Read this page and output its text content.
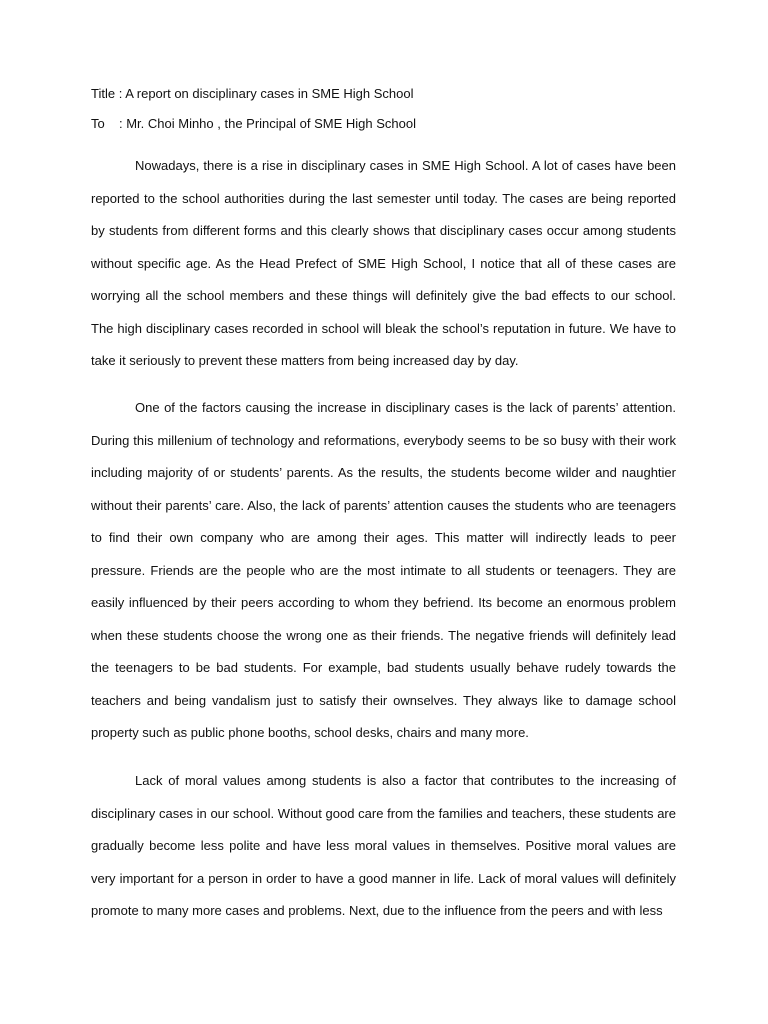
Title : A report on disciplinary cases in SME High School

To : Mr. Choi Minho , the Principal of SME High School

Nowadays, there is a rise in disciplinary cases in SME High School. A lot of cases have been reported to the school authorities during the last semester until today. The cases are being reported by students from different forms and this clearly shows that disciplinary cases occur among students without specific age. As the Head Prefect of SME High School, I notice that all of these cases are worrying all the school members and these things will definitely give the bad effects to our school. The high disciplinary cases recorded in school will bleak the school’s reputation in future. We have to take it seriously to prevent these matters from being increased day by day.

One of the factors causing the increase in disciplinary cases is the lack of parents’ attention. During this millenium of technology and reformations, everybody seems to be so busy with their work including majority of or students’ parents. As the results, the students become wilder and naughtier without their parents’ care. Also, the lack of parents’ attention causes the students who are teenagers to find their own company who are among their ages. This matter will indirectly leads to peer pressure. Friends are the people who are the most intimate to all students or teenagers. They are easily influenced by their peers according to whom they befriend. Its become an enormous problem when these students choose the wrong one as their friends. The negative friends will definitely lead the teenagers to be bad students. For example, bad students usually behave rudely towards the teachers and being vandalism just to satisfy their ownselves. They always like to damage school property such as public phone booths, school desks, chairs and many more.

Lack of moral values among students is also a factor that contributes to the increasing of disciplinary cases in our school. Without good care from the families and teachers, these students are gradually become less polite and have less moral values in themselves. Positive moral values are very important for a person in order to have a good manner in life. Lack of moral values will definitely promote to many more cases and problems. Next, due to the influence from the peers and with less
